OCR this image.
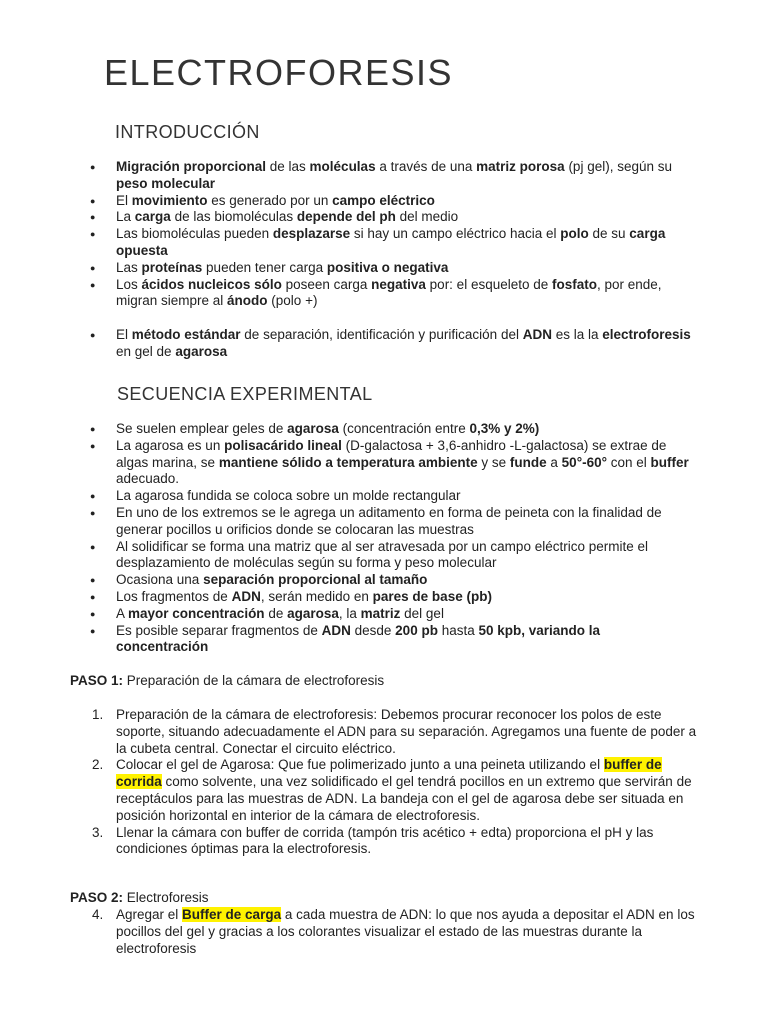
ELECTROFORESIS
INTRODUCCIÓN
● Migración proporcional de las moléculas a través de una matriz porosa (pj gel), según su peso molecular
● El movimiento es generado por un campo eléctrico
● La carga de las biomoléculas depende del ph del medio
● Las biomoléculas pueden desplazarse si hay un campo eléctrico hacia el polo de su carga opuesta
● Las proteínas pueden tener carga positiva o negativa
● Los ácidos nucleicos sólo poseen carga negativa por: el esqueleto de fosfato, por ende, migran siempre al ánodo (polo +)
● El método estándar de separación, identificación y purificación del ADN es la la electroforesis en gel de agarosa
SECUENCIA EXPERIMENTAL
● Se suelen emplear geles de agarosa (concentración entre 0,3% y 2%)
● La agarosa es un polisacárido lineal (D-galactosa + 3,6-anhidro -L-galactosa) se extrae de algas marina, se mantiene sólido a temperatura ambiente y se funde a 50°-60° con el buffer adecuado.
● La agarosa fundida se coloca sobre un molde rectangular
● En uno de los extremos se le agrega un aditamento en forma de peineta con la finalidad de generar pocillos u orificios donde se colocaran las muestras
● Al solidificar se forma una matriz que al ser atravesada por un campo eléctrico permite el desplazamiento de moléculas según su forma y peso molecular
● Ocasiona una separación proporcional al tamaño
● Los fragmentos de ADN, serán medido en pares de base (pb)
● A mayor concentración de agarosa, la matriz del gel
● Es posible separar fragmentos de ADN desde 200 pb hasta 50 kpb, variando la concentración

PASO 1: Preparación de la cámara de electroforesis

1. Preparación de la cámara de electroforesis: Debemos procurar reconocer los polos de este soporte, situando adecuadamente el ADN para su separación. Agregamos una fuente de poder a la cubeta central. Conectar el circuito eléctrico.
2. Colocar el gel de Agarosa: Que fue polimerizado junto a una peineta utilizando el buffer de corrida como solvente, una vez solidificado el gel tendrá pocillos en un extremo que servirán de receptáculos para las muestras de ADN. La bandeja con el gel de agarosa debe ser situada en posición horizontal en interior de la cámara de electroforesis.
3. Llenar la cámara con buffer de corrida (tampón tris acético + edta) proporciona el pH y las condiciones óptimas para la electroforesis.

PASO 2: Electroforesis

4. Agregar el Buffer de carga a cada muestra de ADN: lo que nos ayuda a depositar el ADN en los pocillos del gel y gracias a los colorantes visualizar el estado de las muestras durante la electroforesis
